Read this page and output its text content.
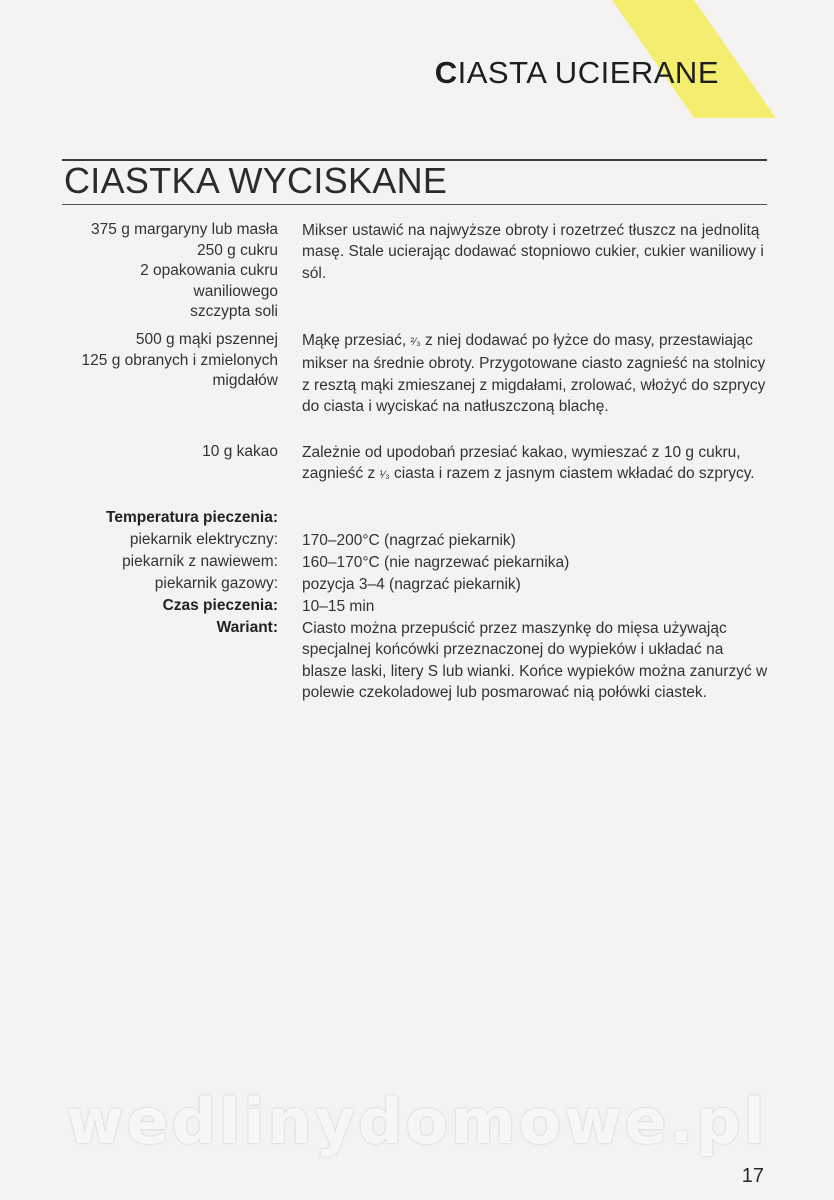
CIASTA UCIERANE
CIASTKA WYCISKANE
375 g margaryny lub masła
250 g cukru
2 opakowania cukru
waniliowego
szczypta soli
Mikser ustawić na najwyższe obroty i rozetrzeć tłuszcz na jednolitą masę. Stale ucierając dodawać stopniowo cukier, cukier waniliowy i sól.
500 g mąki pszennej
125 g obranych i zmielonych
migdałów
Mąkę przesiać, ²⁄₃ z niej dodawać po łyżce do masy, przestawiając mikser na średnie obroty. Przygotowane ciasto zagnieść na stolnicy z resztą mąki zmieszanej z migdałami, zrolować, włożyć do szprycy do ciasta i wyciskać na natłuszczoną blachę.
10 g kakao Zależnie od upodobań przesiać kakao, wymieszać z 10 g cukru, zagnieść z ¹⁄₃ ciasta i razem z jasnym ciastem wkładać do szprycy.
Temperatura pieczenia:
piekarnik elektryczny: 170–200°C (nagrzać piekarnik)
piekarnik z nawiewem: 160–170°C (nie nagrzewać piekarnika)
piekarnik gazowy: pozycja 3–4 (nagrzać piekarnik)
Czas pieczenia: 10–15 min
Wariant: Ciasto można przepuścić przez maszynkę do mięsa używając specjalnej końcówki przeznaczonej do wypieków i układać na blasze laski, litery S lub wianki. Końce wypieków można zanurzyć w polewie czekoladowej lub posmarować nią połówki ciastek.
wedlinydomowe.pl
17
